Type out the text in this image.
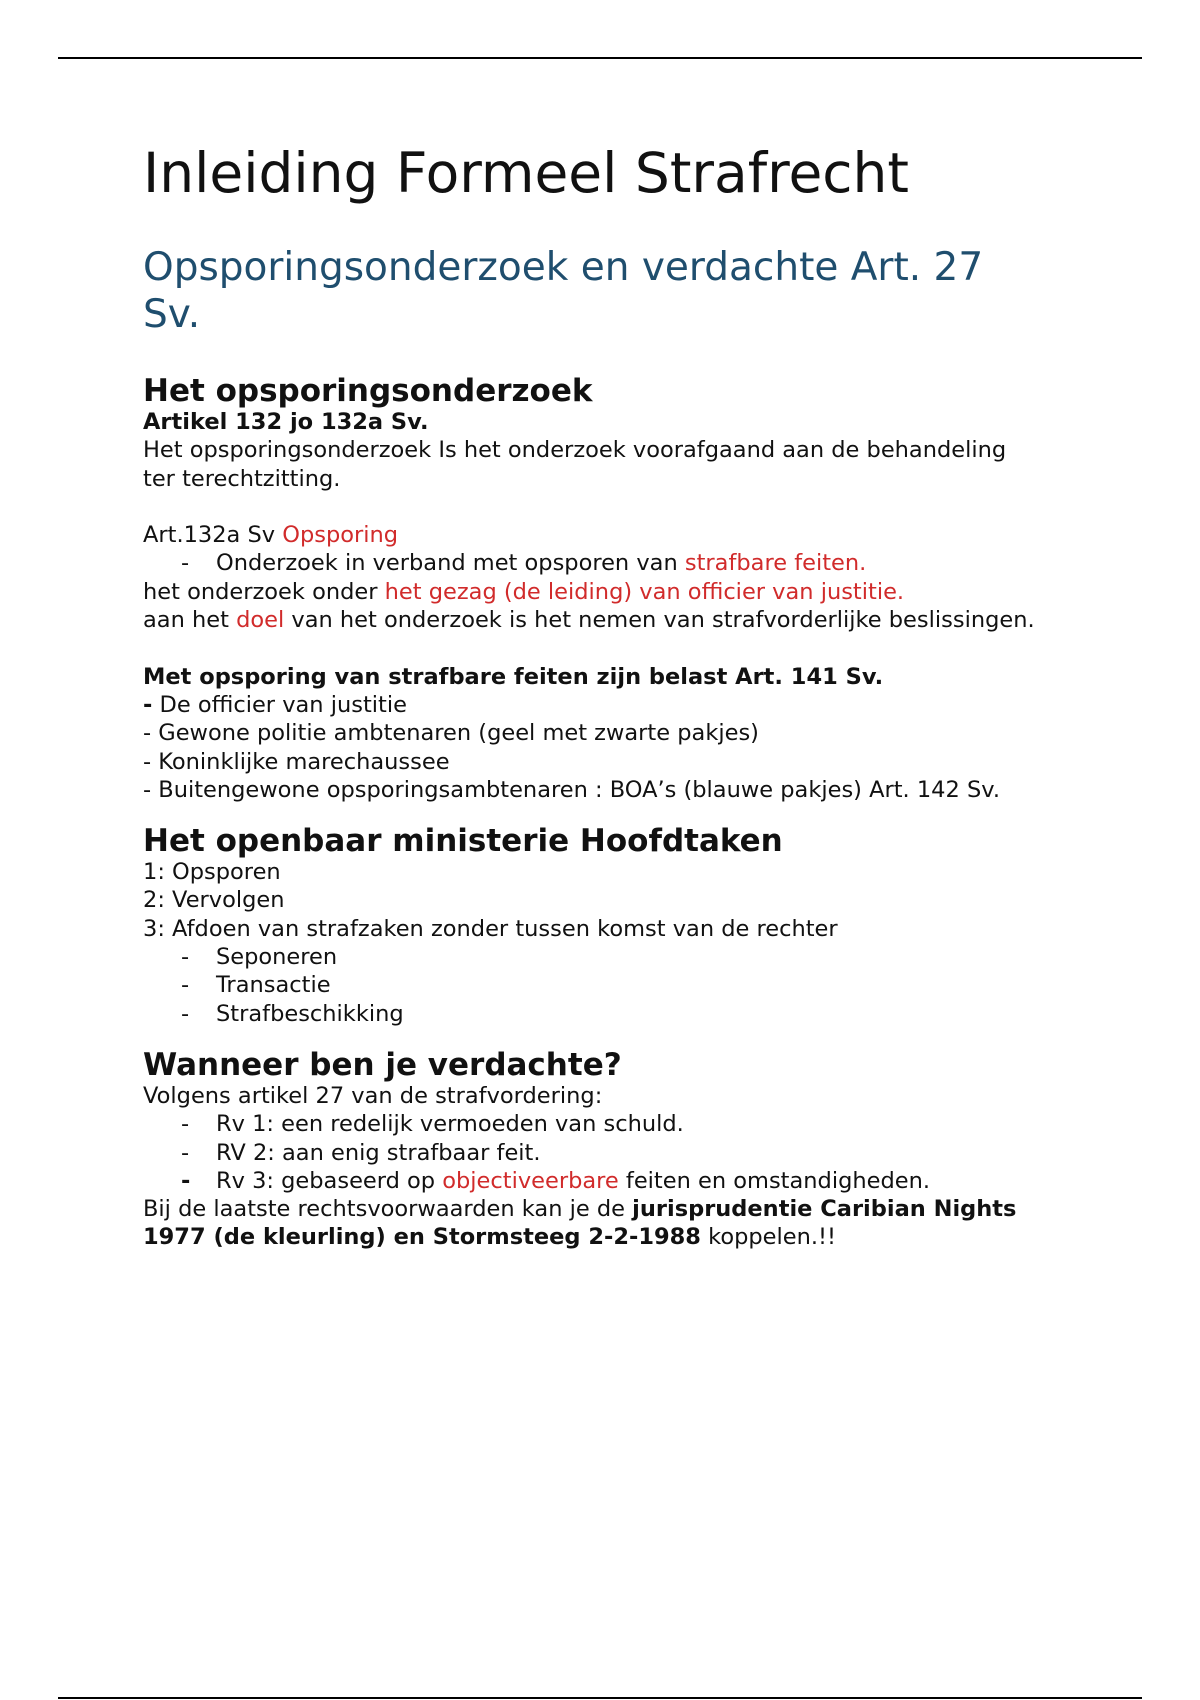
Inleiding Formeel Strafrecht
Opsporingsonderzoek en verdachte Art. 27 Sv.
Het opsporingsonderzoek
Artikel 132 jo 132a Sv.
Het opsporingsonderzoek Is het onderzoek voorafgaand aan de behandeling ter terechtzitting.
Art.132a Sv Opsporing
- Onderzoek in verband met opsporen van strafbare feiten.
het onderzoek onder het gezag (de leiding) van officier van justitie.
aan het doel van het onderzoek is het nemen van strafvorderlijke beslissingen.
Met opsporing van strafbare feiten zijn belast Art. 141 Sv.
- De officier van justitie
- Gewone politie ambtenaren (geel met zwarte pakjes)
- Koninklijke marechaussee
- Buitengewone opsporingsambtenaren : BOA’s (blauwe pakjes) Art. 142 Sv.
Het openbaar ministerie Hoofdtaken
1: Opsporen
2: Vervolgen
3: Afdoen van strafzaken zonder tussen komst van de rechter
- Seponeren
- Transactie
- Strafbeschikking
Wanneer ben je verdachte?
Volgens artikel 27 van de strafvordering:
- Rv 1: een redelijk vermoeden van schuld.
- RV 2: aan enig strafbaar feit.
- Rv 3: gebaseerd op objectiveerbare feiten en omstandigheden.
Bij de laatste rechtsvoorwaarden kan je de jurisprudentie Caribian Nights 1977 (de kleurling) en Stormsteeg 2-2-1988 koppelen.!!
